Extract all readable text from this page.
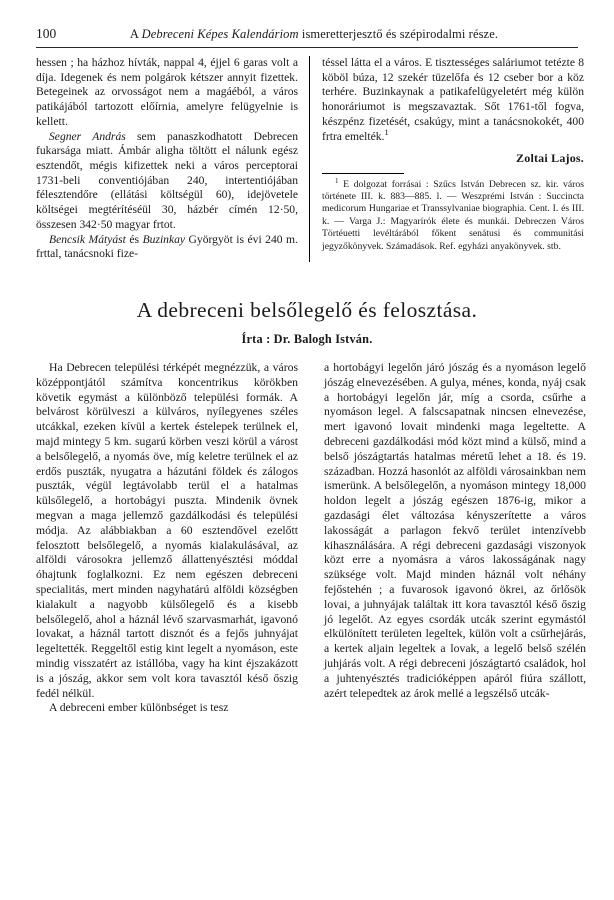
100	A Debreceni Képes Kalendáriom ismeretterjesztő és szépirodalmi része.

hessen ; ha házhoz hívták, nappal 4, éjjel 6 garas volt a díja. Idegenek és nem polgárok kétszer annyit fizettek. Betegeinek az orvosságot nem a magáéból, a város patikájából tartozott előírnia, amelyre felügyelnie is kellett.

Segner András sem panaszkodhatott Debrecen fukarsága miatt. Ámbár aligha töltött el nálunk egész esztendőt, mégis kifizettek neki a város perceptorai 1731-beli conventiójában 240, intertentiójában félesztendőre (ellátási költségül 60), idejövetele költségei megtérítéséül 30, házbér címén 12·50, összesen 342·50 magyar frtot.

Bencsik Mátyást és Buzinkay Györgyöt is évi 240 m. frttal, tanácsnoki fize-

téssel látta el a város. E tisztességes saláriumot tetézte 8 köböl búza, 12 szekér tüzelőfa és 12 cseber bor a köz terhére. Buzinkaynak a patikafelügyeletért még külön honoráriumot is megszavaztak. Sőt 1761-től fogva, készpénz fizetését, csakúgy, mint a tanácsnokokét, 400 frtra emelték.$^1$

Zoltai Lajos.

$^1$ E dolgozat forrásai : Szűcs István Debrecen sz. kir. város története III. k. 883—885. l. — Weszprémi István : Succincta medicorum Hungariae et Transsylvaniae biographia. Cent. I. és III. k. — Varga J.: Magyarírók élete és munkái. Debreczen Város Törtéuetti levéltárából főkent senátusi és communitási jegyzőkönyvek. Számadások. Ref. egyházi anyakönyvek. stb.

A debreceni belsőlegelő és felosztása.
Írta : Dr. Balogh István.

Ha Debrecen települési térképét megnézzük, a város középpontjától számítva koncentrikus körökben követik egymást a különböző települési formák. A belvárost körülveszi a külváros, nyílegyenes széles utcákkal, ezeken kívül a kertek éstelepek terülnek el, majd mintegy 5 km. sugarú körben veszi körül a várost a belsőlegelő, a nyomás öve, míg keletre terülnek el az erdős puszták, nyugatra a házutáni földek és zálogos puszták, végül legtávolabb terül el a hatalmas külsőlegelő, a hortobágyi puszta. Mindenik övnek megvan a maga jellemző gazdálkodási és települési módja. Az alábbiakban a 60 esztendővel ezelőtt felosztott belsőlegelő, a nyomás kialakulásával, az alföldi városokra jellemző állattenyésztési móddal óhajtunk foglalkozni. Ez nem egészen debreceni specialitás, mert minden nagyhatárú alföldi községben kialakult a nagyobb külsőlegelő és a kisebb belsőlegelő, ahol a háznál lévő szarvasmarhát, igavonó lovakat, a háznál tartott disznót és a fejős juhnyájat legeltették. Reggeltől estig kint legelt a nyomáson, este mindig visszatért az istállóba, vagy ha kint éjszakázott is a jószág, akkor sem volt kora tavasztól késő őszig fedél nélkül.

A debreceni ember különbséget is tesz

a hortobágyi legelőn járó jószág és a nyomáson legelő jószág elnevezésében. A gulya, ménes, konda, nyáj csak a hortobágyi legelőn jár, míg a csorda, csűrhe a nyomáson legel. A falscsapatnak nincsen elnevezése, mert igavonó lovait mindenki maga legeltette. A debreceni gazdálkodási mód közt mind a külső, mind a belső jószágtartás hatalmas méretű lehet a 18. és 19. században. Hozzá hasonlót az alföldi városainkban nem ismerünk. A belsőlegelőn, a nyomáson mintegy 18,000 holdon legelt a jószág egészen 1876-ig, mikor a gazdasági élet változása kényszerítette a város lakosságát a parlagon fekvő terület intenzívebb kihasználására. A régi debreceni gazdasági viszonyok közt erre a nyomásra a város lakosságának nagy szüksége volt. Majd minden háznál volt néhány fejőstehén ; a fuvarosok igavonó ökrei, az őrlősök lovai, a juhnyájak találtak itt kora tavasztól késő őszig jó legelőt. Az egyes csordák utcák szerint egymástól elkülönített területen legeltek, külön volt a csűrhejárás, a kertek aljain legeltek a lovak, a legelő belső szélén juhjárás volt. A régi debreceni jószágtartó családok, hol a juhtenyésztés tradicióképpen apáról fiúra szállott, azért telepedtek az árok mellé a legszélső utcák-
